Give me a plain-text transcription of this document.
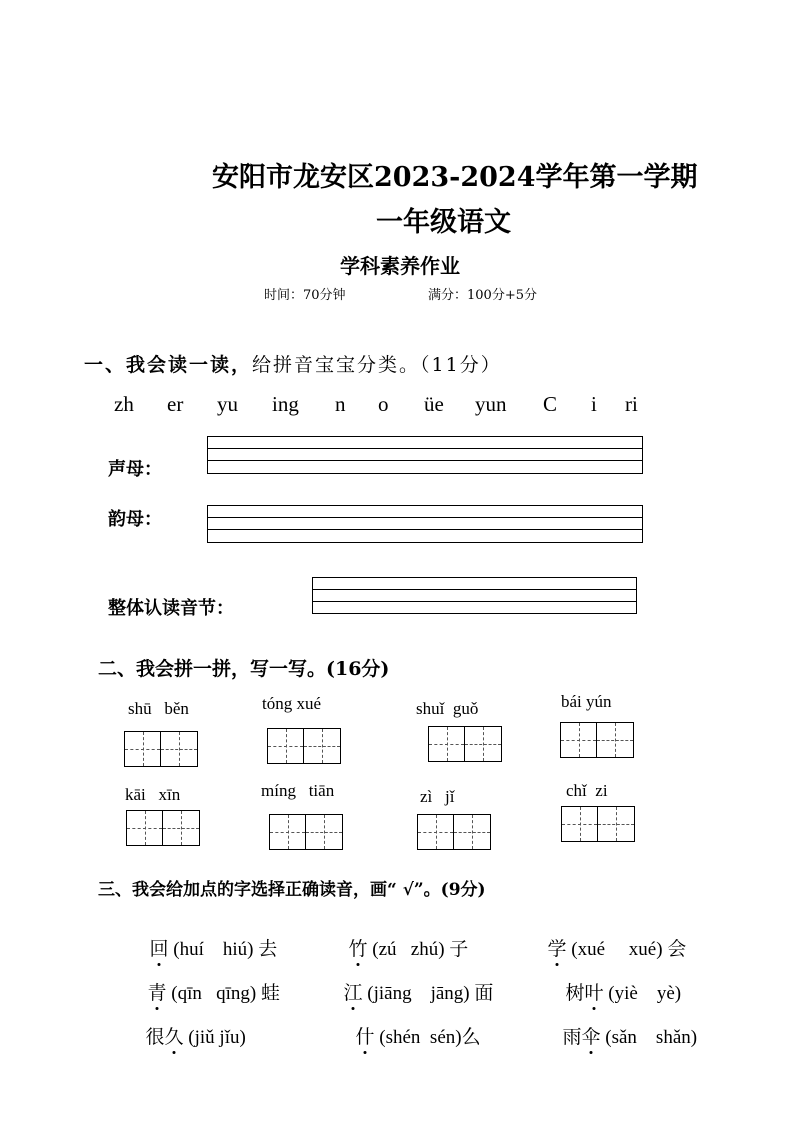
安阳市龙安区2023-2024学年第一学期
一年级语文
学科素养作业
时间：70分钟	满分：100分+5分
一、我会读一读，给拼音宝宝分类。（11分）
zh er yu ing n o üe yun C i ri
声母：
韵母：
整体认读音节：
二、我会拼一拼，写一写。(16分)
shū   běn	tóng xué	shuǐ  guǒ	bái yún
kāi   xīn	míng   tiān	zì   jǐ	chǐ  zi
三、我会给加点的字选择正确读音，画“ √”。(9分)

回 (huí    hiú) 去	竹 (zú   zhú) 子	学 (xué     xué) 会

青 (qīn   qīng) 蛙	江 (jiāng    jāng) 面	树叶 (yiè    yè)

很久 (jiǔ jǐu)	什 (shén  sén)么	雨伞 (sǎn    shǎn)
